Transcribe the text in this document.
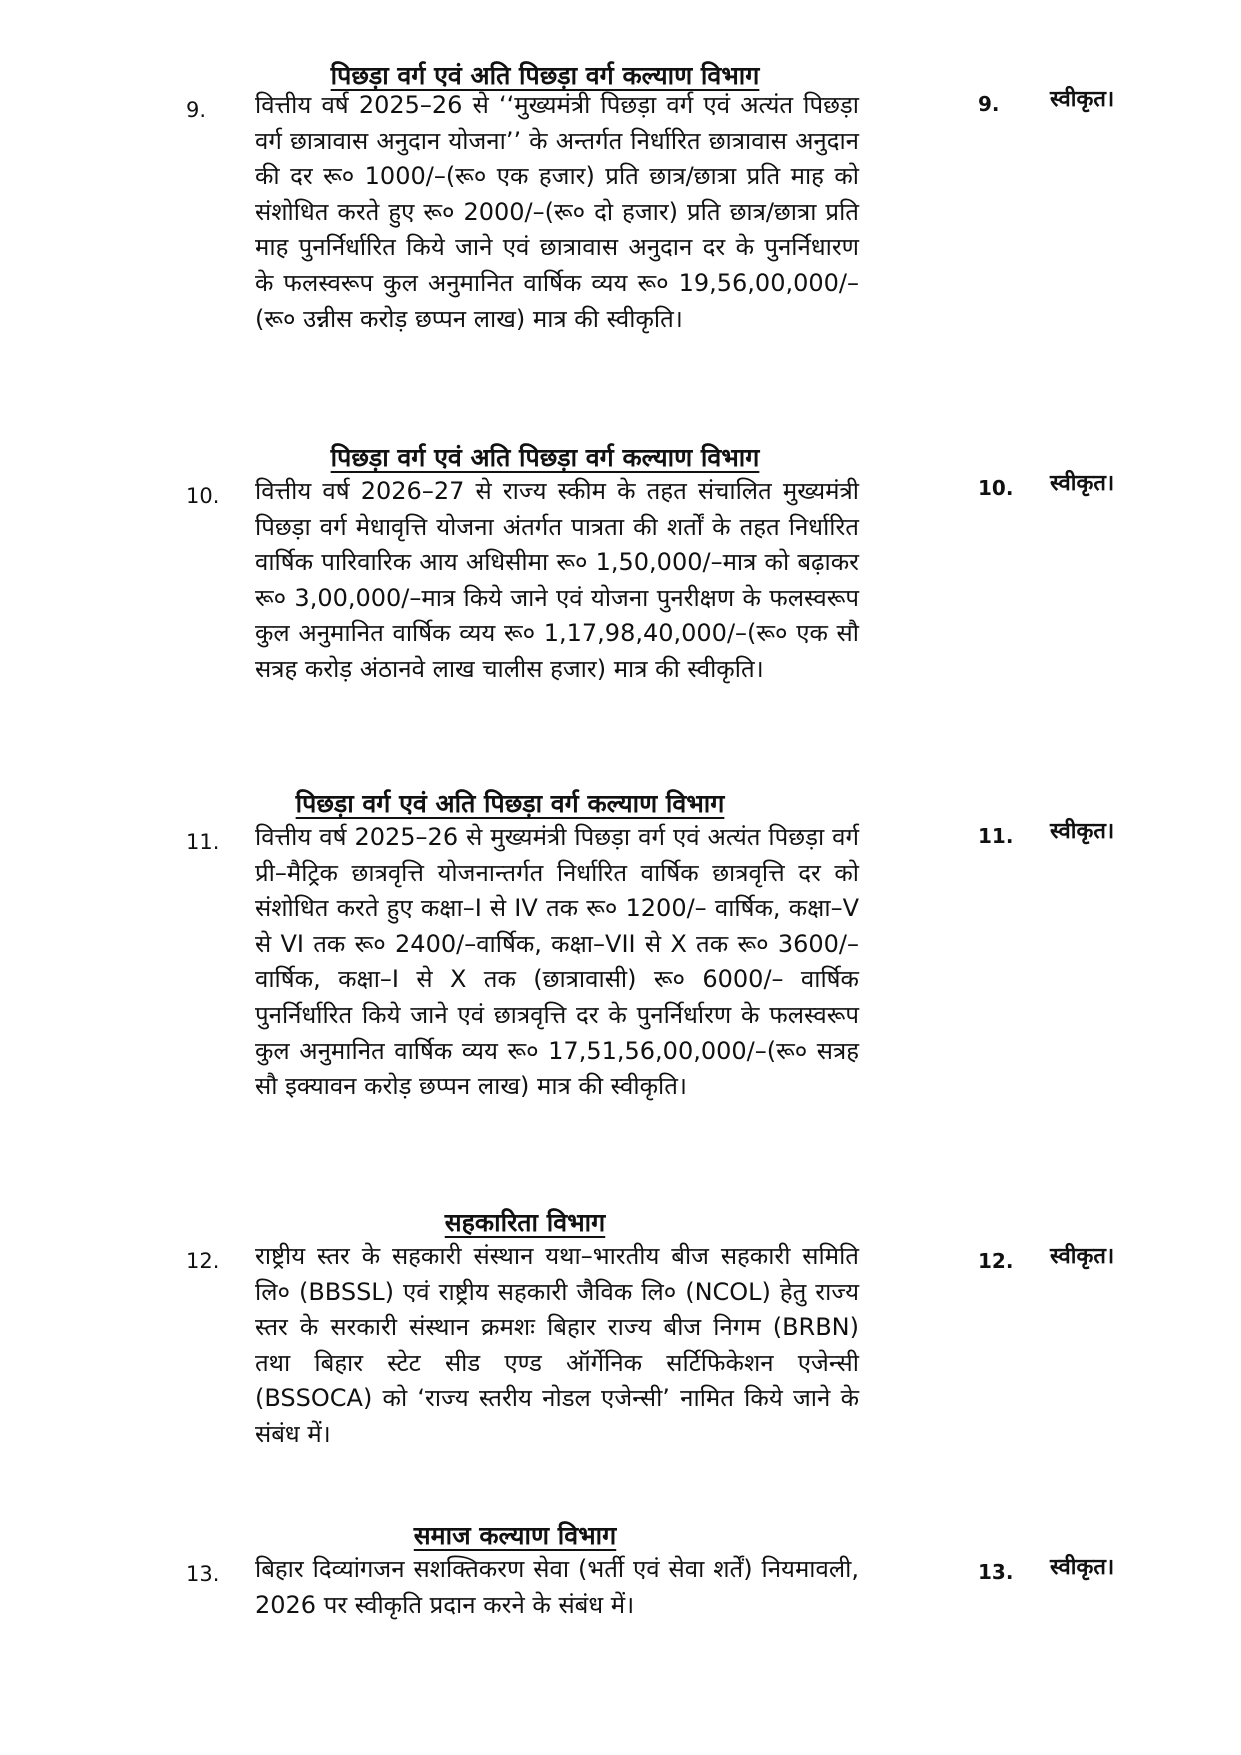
पिछड़ा वर्ग एवं अति पिछड़ा वर्ग कल्याण विभाग
9. वित्तीय वर्ष 2025–26 से ‘‘मुख्यमंत्री पिछड़ा वर्ग एवं अत्यंत पिछड़ा वर्ग छात्रावास अनुदान योजना’’ के अन्तर्गत निर्धारित छात्रावास अनुदान की दर रू० 1000/–(रू० एक हजार) प्रति छात्र/छात्रा प्रति माह को संशोधित करते हुए रू० 2000/–(रू० दो हजार) प्रति छात्र/छात्रा प्रति माह पुनर्निर्धारित किये जाने एवं छात्रावास अनुदान दर के पुनर्निधारण के फलस्वरूप कुल अनुमानित वार्षिक व्यय रू० 19,56,00,000/–(रू० उन्नीस करोड़ छप्पन लाख) मात्र की स्वीकृति।
9. स्वीकृत।
पिछड़ा वर्ग एवं अति पिछड़ा वर्ग कल्याण विभाग
10. वित्तीय वर्ष 2026–27 से राज्य स्कीम के तहत संचालित मुख्यमंत्री पिछड़ा वर्ग मेधावृत्ति योजना अंतर्गत पात्रता की शर्तों के तहत निर्धारित वार्षिक पारिवारिक आय अधिसीमा रू० 1,50,000/–मात्र को बढ़ाकर रू० 3,00,000/–मात्र किये जाने एवं योजना पुनरीक्षण के फलस्वरूप कुल अनुमानित वार्षिक व्यय रू० 1,17,98,40,000/–(रू० एक सौ सत्रह करोड़ अंठानवे लाख चालीस हजार) मात्र की स्वीकृति।
10. स्वीकृत।
पिछड़ा वर्ग एवं अति पिछड़ा वर्ग कल्याण विभाग
11. वित्तीय वर्ष 2025–26 से मुख्यमंत्री पिछड़ा वर्ग एवं अत्यंत पिछड़ा वर्ग प्री–मैट्रिक छात्रवृत्ति योजनान्तर्गत निर्धारित वार्षिक छात्रवृत्ति दर को संशोधित करते हुए कक्षा–I से IV तक रू० 1200/– वार्षिक, कक्षा–V से VI तक रू० 2400/–वार्षिक, कक्षा–VII से X तक रू० 3600/– वार्षिक, कक्षा–I से X तक (छात्रावासी) रू० 6000/– वार्षिक पुनर्निर्धारित किये जाने एवं छात्रवृत्ति दर के पुनर्निर्धारण के फलस्वरूप कुल अनुमानित वार्षिक व्यय रू० 17,51,56,00,000/–(रू० सत्रह सौ इक्यावन करोड़ छप्पन लाख) मात्र की स्वीकृति।
11. स्वीकृत।
सहकारिता विभाग
12. राष्ट्रीय स्तर के सहकारी संस्थान यथा–भारतीय बीज सहकारी समिति लि० (BBSSL) एवं राष्ट्रीय सहकारी जैविक लि० (NCOL) हेतु राज्य स्तर के सरकारी संस्थान क्रमशः बिहार राज्य बीज निगम (BRBN) तथा बिहार स्टेट सीड एण्ड ऑर्गेनिक सर्टिफिकेशन एजेन्सी (BSSOCA) को ‘राज्य स्तरीय नोडल एजेन्सी’ नामित किये जाने के संबंध में।
12. स्वीकृत।
समाज कल्याण विभाग
13. बिहार दिव्यांगजन सशक्तिकरण सेवा (भर्ती एवं सेवा शर्तें) नियमावली, 2026 पर स्वीकृति प्रदान करने के संबंध में।
13. स्वीकृत।
